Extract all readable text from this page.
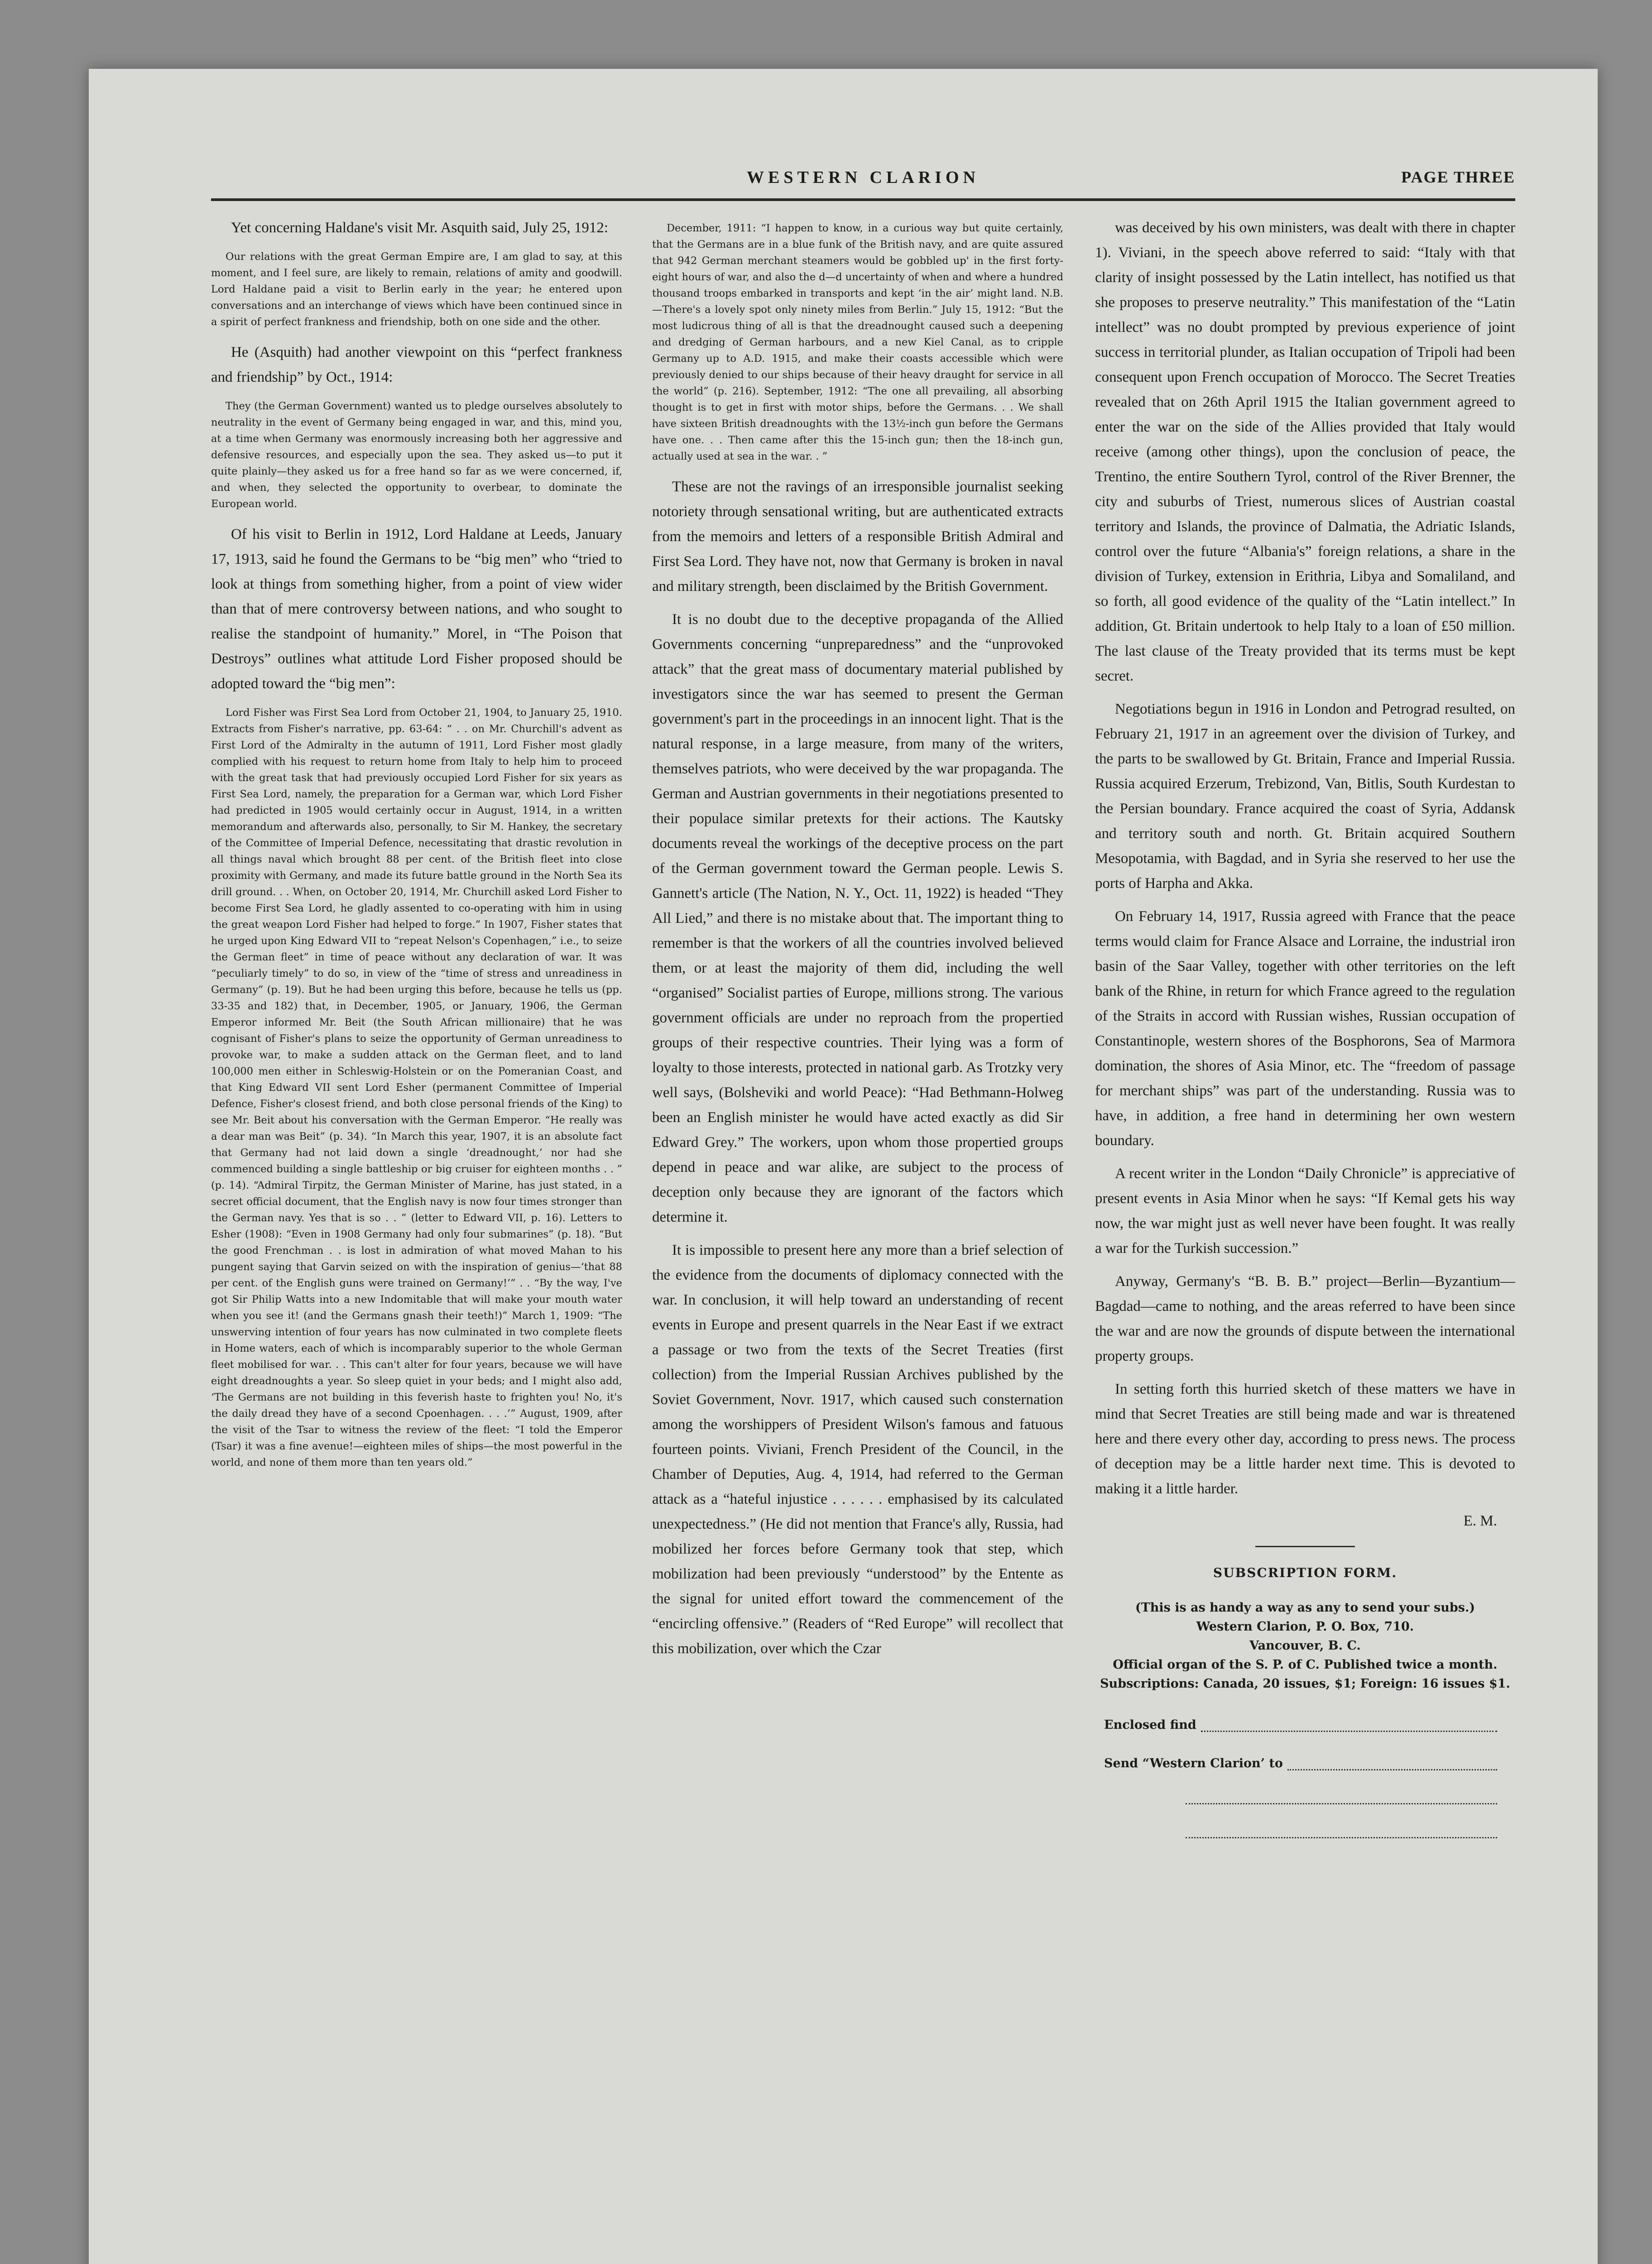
WESTERN CLARION	PAGE THREE

Yet concerning Haldane's visit Mr. Asquith said, July 25, 1912:

Our relations with the great German Empire are, I am glad to say, at this moment, and I feel sure, are likely to remain, relations of amity and goodwill. Lord Haldane paid a visit to Berlin early in the year; he entered upon conversations and an interchange of views which have been continued since in a spirit of perfect frankness and friendship, both on one side and the other.

He (Asquith) had another viewpoint on this “perfect frankness and friendship” by Oct., 1914:

They (the German Government) wanted us to pledge ourselves absolutely to neutrality in the event of Germany being engaged in war, and this, mind you, at a time when Germany was enormously increasing both her aggressive and defensive resources, and especially upon the sea. They asked us—to put it quite plainly—they asked us for a free hand so far as we were concerned, if, and when, they selected the opportunity to overbear, to dominate the European world.

Of his visit to Berlin in 1912, Lord Haldane at Leeds, January 17, 1913, said he found the Germans to be “big men” who “tried to look at things from something higher, from a point of view wider than that of mere controversy between nations, and who sought to realise the standpoint of humanity.” Morel, in “The Poison that Destroys” outlines what attitude Lord Fisher proposed should be adopted toward the “big men”:

Lord Fisher was First Sea Lord from October 21, 1904, to January 25, 1910. Extracts from Fisher's narrative, pp. 63-64: “ . . on Mr. Churchill's advent as First Lord of the Admiralty in the autumn of 1911, Lord Fisher most gladly complied with his request to return home from Italy to help him to proceed with the great task that had previously occupied Lord Fisher for six years as First Sea Lord, namely, the preparation for a German war, which Lord Fisher had predicted in 1905 would certainly occur in August, 1914, in a written memorandum and afterwards also, personally, to Sir M. Hankey, the secretary of the Committee of Imperial Defence, necessitating that drastic revolution in all things naval which brought 88 per cent. of the British fleet into close proximity with Germany, and made its future battle ground in the North Sea its drill ground. . . When, on October 20, 1914, Mr. Churchill asked Lord Fisher to become First Sea Lord, he gladly assented to co-operating with him in using the great weapon Lord Fisher had helped to forge.” In 1907, Fisher states that he urged upon King Edward VII to “repeat Nelson's Copenhagen,” i.e., to seize the German fleet” in time of peace without any declaration of war. It was “peculiarly timely” to do so, in view of the “time of stress and unreadiness in Germany” (p. 19). But he had been urging this before, because he tells us (pp. 33-35 and 182) that, in December, 1905, or January, 1906, the German Emperor informed Mr. Beit (the South African millionaire) that he was cognisant of Fisher's plans to seize the opportunity of German unreadiness to provoke war, to make a sudden attack on the German fleet, and to land 100,000 men either in Schleswig-Holstein or on the Pomeranian Coast, and that King Edward VII sent Lord Esher (permanent Committee of Imperial Defence, Fisher's closest friend, and both close personal friends of the King) to see Mr. Beit about his conversation with the German Emperor. “He really was a dear man was Beit” (p. 34). “In March this year, 1907, it is an absolute fact that Germany had not laid down a single ‘dreadnought,’ nor had she commenced building a single battleship or big cruiser for eighteen months . . ” (p. 14). “Admiral Tirpitz, the German Minister of Marine, has just stated, in a secret official document, that the English navy is now four times stronger than the German navy. Yes that is so . . ” (letter to Edward VII, p. 16). Letters to Esher (1908): “Even in 1908 Germany had only four submarines” (p. 18). “But the good Frenchman . . is lost in admiration of what moved Mahan to his pungent saying that Garvin seized on with the inspiration of genius—‘that 88 per cent. of the English guns were trained on Germany!’” . . “By the way, I've got Sir Philip Watts into a new Indomitable that will make your mouth water when you see it! (and the Germans gnash their teeth!)” March 1, 1909: “The unswerving intention of four years has now culminated in two complete fleets in Home waters, each of which is incomparably superior to the whole German fleet mobilised for war. . . This can't alter for four years, because we will have eight dreadnoughts a year. So sleep quiet in your beds; and I might also add, ‘The Germans are not building in this feverish haste to frighten you! No, it's the daily dread they have of a second Cpoenhagen. . . .’” August, 1909, after the visit of the Tsar to witness the review of the fleet: “I told the Emperor (Tsar) it was a fine avenue!—eighteen miles of ships—the most powerful in the world, and none of them more than ten years old.”

December, 1911: “I happen to know, in a curious way but quite certainly, that the Germans are in a blue funk of the British navy, and are quite assured that 942 German merchant steamers would be gobbled up' in the first forty-eight hours of war, and also the d—d uncertainty of when and where a hundred thousand troops embarked in transports and kept ‘in the air’ might land. N.B.—There's a lovely spot only ninety miles from Berlin.” July 15, 1912: “But the most ludicrous thing of all is that the dreadnought caused such a deepening and dredging of German harbours, and a new Kiel Canal, as to cripple Germany up to A.D. 1915, and make their coasts accessible which were previously denied to our ships because of their heavy draught for service in all the world” (p. 216). September, 1912: “The one all prevailing, all absorbing thought is to get in first with motor ships, before the Germans. . . We shall have sixteen British dreadnoughts with the 13½-inch gun before the Germans have one. . . Then came after this the 15-inch gun; then the 18-inch gun, actually used at sea in the war. . ”

These are not the ravings of an irresponsible journalist seeking notoriety through sensational writing, but are authenticated extracts from the memoirs and letters of a responsible British Admiral and First Sea Lord. They have not, now that Germany is broken in naval and military strength, been disclaimed by the British Government.

It is no doubt due to the deceptive propaganda of the Allied Governments concerning “unpreparedness” and the “unprovoked attack” that the great mass of documentary material published by investigators since the war has seemed to present the German government's part in the proceedings in an innocent light. That is the natural response, in a large measure, from many of the writers, themselves patriots, who were deceived by the war propaganda. The German and Austrian governments in their negotiations presented to their populace similar pretexts for their actions. The Kautsky documents reveal the workings of the deceptive process on the part of the German government toward the German people. Lewis S. Gannett's article (The Nation, N. Y., Oct. 11, 1922) is headed “They All Lied,” and there is no mistake about that. The important thing to remember is that the workers of all the countries involved believed them, or at least the majority of them did, including the well “organised” Socialist parties of Europe, millions strong. The various government officials are under no reproach from the propertied groups of their respective countries. Their lying was a form of loyalty to those interests, protected in national garb. As Trotzky very well says, (Bolsheviki and world Peace): “Had Bethmann-Holweg been an English minister he would have acted exactly as did Sir Edward Grey.” The workers, upon whom those propertied groups depend in peace and war alike, are subject to the process of deception only because they are ignorant of the factors which determine it.

It is impossible to present here any more than a brief selection of the evidence from the documents of diplomacy connected with the war. In conclusion, it will help toward an understanding of recent events in Europe and present quarrels in the Near East if we extract a passage or two from the texts of the Secret Treaties (first collection) from the Imperial Russian Archives published by the Soviet Government, Novr. 1917, which caused such consternation among the worshippers of President Wilson's famous and fatuous fourteen points. Viviani, French President of the Council, in the Chamber of Deputies, Aug. 4, 1914, had referred to the German attack as a “hateful injustice . . . . . . emphasised by its calculated unexpectedness.” (He did not mention that France's ally, Russia, had mobilized her forces before Germany took that step, which mobilization had been previously “understood” by the Entente as the signal for united effort toward the commencement of the “encircling offensive.” (Readers of “Red Europe” will recollect that this mobilization, over which the Czar

was deceived by his own ministers, was dealt with there in chapter 1). Viviani, in the speech above referred to said: “Italy with that clarity of insight possessed by the Latin intellect, has notified us that she proposes to preserve neutrality.” This manifestation of the “Latin intellect” was no doubt prompted by previous experience of joint success in territorial plunder, as Italian occupation of Tripoli had been consequent upon French occupation of Morocco. The Secret Treaties revealed that on 26th April 1915 the Italian government agreed to enter the war on the side of the Allies provided that Italy would receive (among other things), upon the conclusion of peace, the Trentino, the entire Southern Tyrol, control of the River Brenner, the city and suburbs of Triest, numerous slices of Austrian coastal territory and Islands, the province of Dalmatia, the Adriatic Islands, control over the future “Albania's” foreign relations, a share in the division of Turkey, extension in Erithria, Libya and Somaliland, and so forth, all good evidence of the quality of the “Latin intellect.” In addition, Gt. Britain undertook to help Italy to a loan of £50 million. The last clause of the Treaty provided that its terms must be kept secret.

Negotiations begun in 1916 in London and Petrograd resulted, on February 21, 1917 in an agreement over the division of Turkey, and the parts to be swallowed by Gt. Britain, France and Imperial Russia. Russia acquired Erzerum, Trebizond, Van, Bitlis, South Kurdestan to the Persian boundary. France acquired the coast of Syria, Addansk and territory south and north. Gt. Britain acquired Southern Mesopotamia, with Bagdad, and in Syria she reserved to her use the ports of Harpha and Akka.

On February 14, 1917, Russia agreed with France that the peace terms would claim for France Alsace and Lorraine, the industrial iron basin of the Saar Valley, together with other territories on the left bank of the Rhine, in return for which France agreed to the regulation of the Straits in accord with Russian wishes, Russian occupation of Constantinople, western shores of the Bosphorons, Sea of Marmora domination, the shores of Asia Minor, etc. The “freedom of passage for merchant ships” was part of the understanding. Russia was to have, in addition, a free hand in determining her own western boundary.

A recent writer in the London “Daily Chronicle” is appreciative of present events in Asia Minor when he says: “If Kemal gets his way now, the war might just as well never have been fought. It was really a war for the Turkish succession.”

Anyway, Germany's “B. B. B.” project—Berlin—Byzantium—Bagdad—came to nothing, and the areas referred to have been since the war and are now the grounds of dispute between the international property groups.

In setting forth this hurried sketch of these matters we have in mind that Secret Treaties are still being made and war is threatened here and there every other day, according to press news. The process of deception may be a little harder next time. This is devoted to making it a little harder.

E. M.

SUBSCRIPTION FORM.

(This is as handy a way as any to send your subs.)

Western Clarion, P. O. Box, 710.

Vancouver, B. C.

Official organ of the S. P. of C. Published twice a month.

Subscriptions: Canada, 20 issues, $1; Foreign: 16 issues $1.

Enclosed find
Send “Western Clarion’ to
